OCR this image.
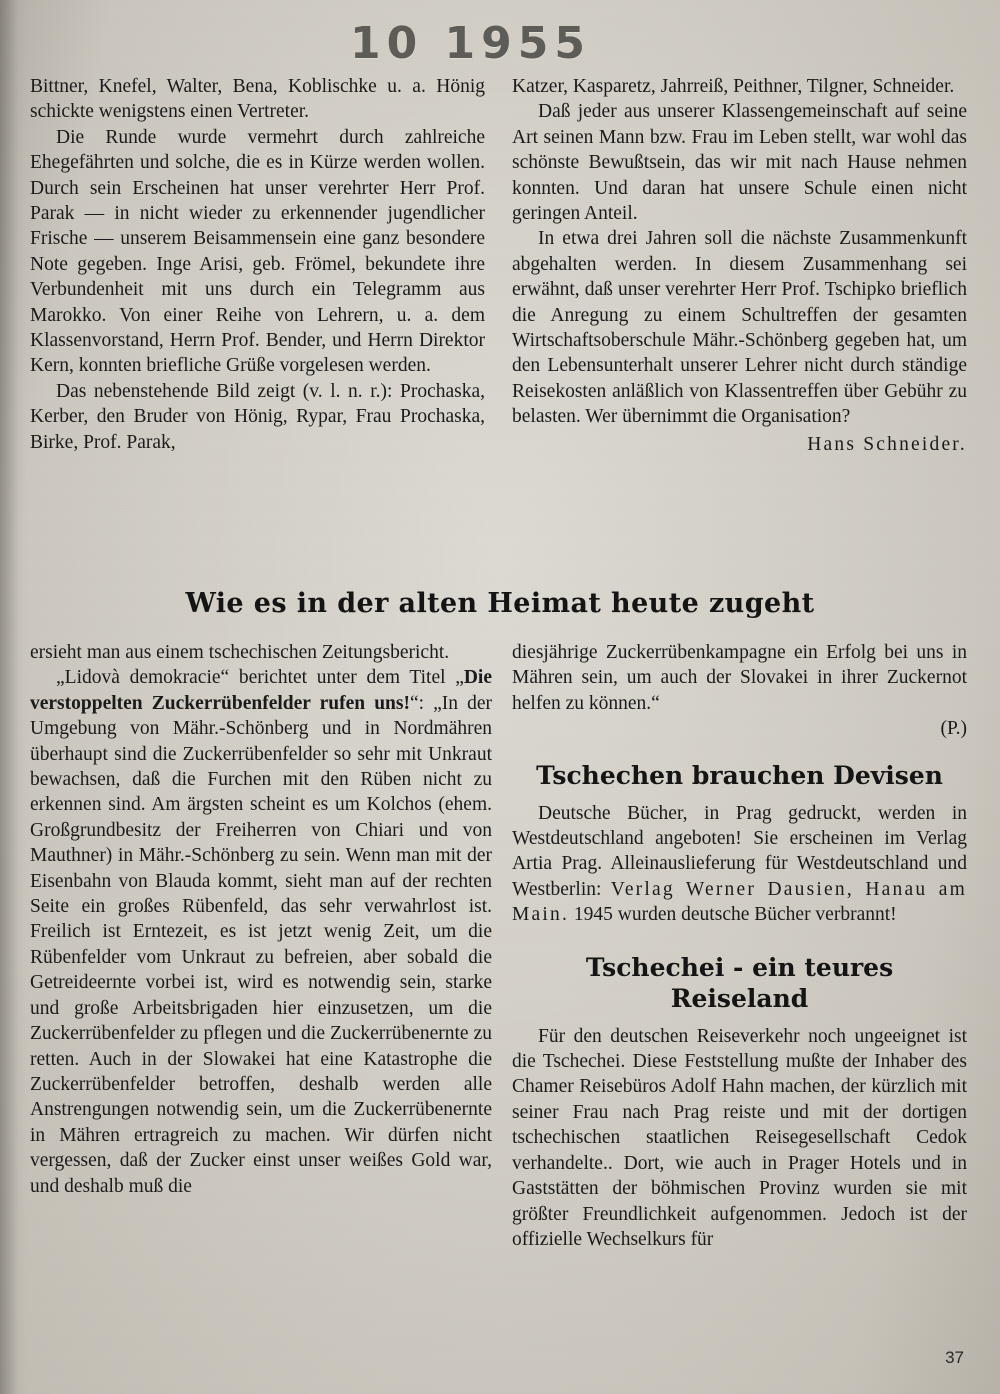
10 1955

Bittner, Knefel, Walter, Bena, Koblischke u. a. Hönig schickte wenigstens einen Vertreter.

Die Runde wurde vermehrt durch zahlreiche Ehegefährten und solche, die es in Kürze werden wollen. Durch sein Erscheinen hat unser verehrter Herr Prof. Parak — in nicht wieder zu erkennender jugendlicher Frische — unserem Beisammensein eine ganz besondere Note gegeben. Inge Arisi, geb. Frömel, bekundete ihre Verbundenheit mit uns durch ein Telegramm aus Marokko. Von einer Reihe von Lehrern, u. a. dem Klassenvorstand, Herrn Prof. Bender, und Herrn Direktor Kern, konnten briefliche Grüße vorgelesen werden.

Das nebenstehende Bild zeigt (v. l. n. r.): Prochaska, Kerber, den Bruder von Hönig, Rypar, Frau Prochaska, Birke, Prof. Parak,

Katzer, Kasparetz, Jahrreiß, Peithner, Tilgner, Schneider.

Daß jeder aus unserer Klassengemeinschaft auf seine Art seinen Mann bzw. Frau im Leben stellt, war wohl das schönste Bewußtsein, das wir mit nach Hause nehmen konnten. Und daran hat unsere Schule einen nicht geringen Anteil.

In etwa drei Jahren soll die nächste Zusammenkunft abgehalten werden. In diesem Zusammenhang sei erwähnt, daß unser verehrter Herr Prof. Tschipko brieflich die Anregung zu einem Schultreffen der gesamten Wirtschaftsoberschule Mähr.-Schönberg gegeben hat, um den Lebensunterhalt unserer Lehrer nicht durch ständige Reisekosten anläßlich von Klassentreffen über Gebühr zu belasten. Wer übernimmt die Organisation?

Hans Schneider.

Wie es in der alten Heimat heute zugeht

ersieht man aus einem tschechischen Zeitungsbericht.

„Lidovà demokracie“ berichtet unter dem Titel „Die verstoppelten Zuckerrübenfelder rufen uns!“: „In der Umgebung von Mähr.-Schönberg und in Nordmähren überhaupt sind die Zuckerrübenfelder so sehr mit Unkraut bewachsen, daß die Furchen mit den Rüben nicht zu erkennen sind. Am ärgsten scheint es um Kolchos (ehem. Großgrundbesitz der Freiherren von Chiari und von Mauthner) in Mähr.-Schönberg zu sein. Wenn man mit der Eisenbahn von Blauda kommt, sieht man auf der rechten Seite ein großes Rübenfeld, das sehr verwahrlost ist. Freilich ist Erntezeit, es ist jetzt wenig Zeit, um die Rübenfelder vom Unkraut zu befreien, aber sobald die Getreideernte vorbei ist, wird es notwendig sein, starke und große Arbeitsbrigaden hier einzusetzen, um die Zuckerrübenfelder zu pflegen und die Zuckerrübenernte zu retten. Auch in der Slowakei hat eine Katastrophe die Zuckerrübenfelder betroffen, deshalb werden alle Anstrengungen notwendig sein, um die Zuckerrübenernte in Mähren ertragreich zu machen. Wir dürfen nicht vergessen, daß der Zucker einst unser weißes Gold war, und deshalb muß die

diesjährige Zuckerrübenkampagne ein Erfolg bei uns in Mähren sein, um auch der Slovakei in ihrer Zuckernot helfen zu können.“

(P.)

Tschechen brauchen Devisen

Deutsche Bücher, in Prag gedruckt, werden in Westdeutschland angeboten! Sie erscheinen im Verlag Artia Prag. Alleinauslieferung für Westdeutschland und Westberlin: Verlag Werner Dausien, Hanau am Main. 1945 wurden deutsche Bücher verbrannt!

Tschechei - ein teures
Reiseland

Für den deutschen Reiseverkehr noch ungeeignet ist die Tschechei. Diese Feststellung mußte der Inhaber des Chamer Reisebüros Adolf Hahn machen, der kürzlich mit seiner Frau nach Prag reiste und mit der dortigen tschechischen staatlichen Reisegesellschaft Cedok verhandelte.. Dort, wie auch in Prager Hotels und in Gaststätten der böhmischen Provinz wurden sie mit größter Freundlichkeit aufgenommen. Jedoch ist der offizielle Wechselkurs für

37
